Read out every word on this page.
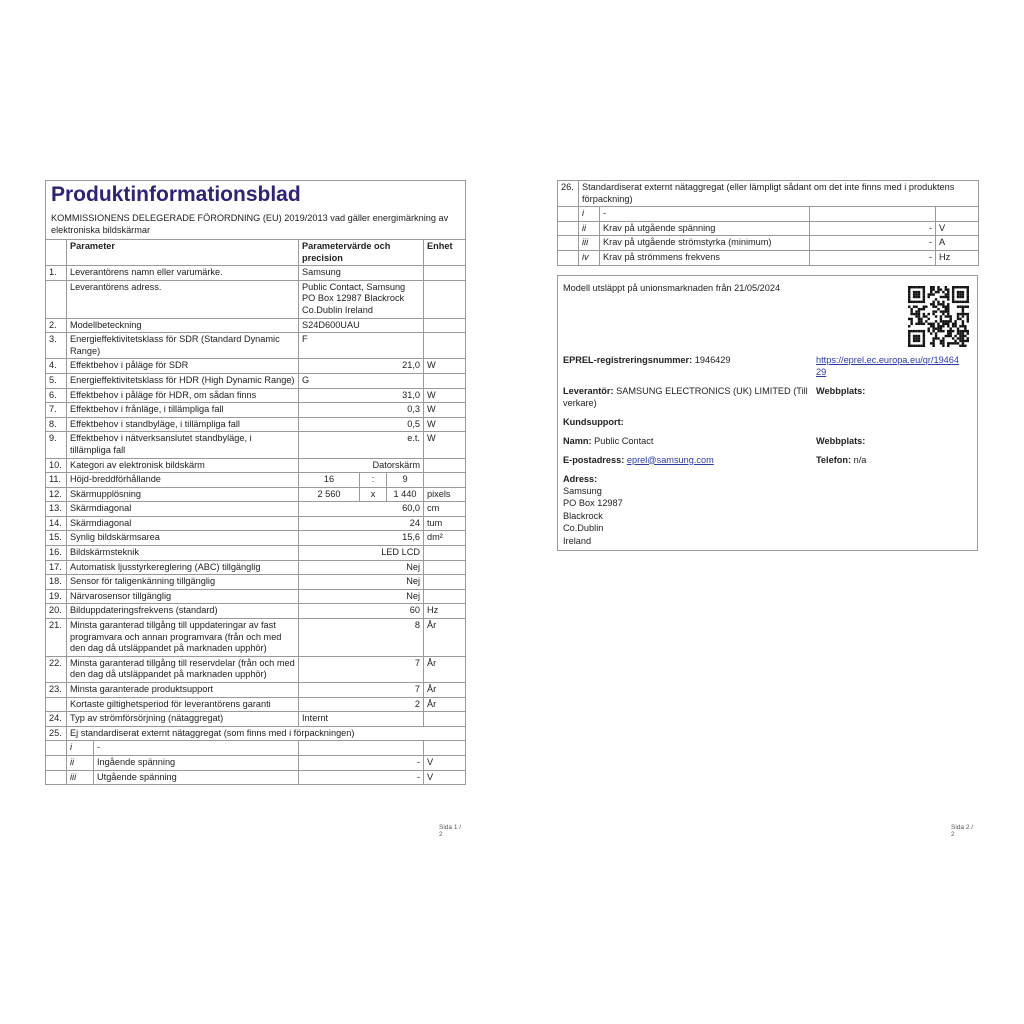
Produktinformationsblad
KOMMISSIONENS DELEGERADE FÖRORDNING (EU) 2019/2013 vad gäller energimärkning av elektroniska bildskärmar
	Parameter	Parametervärde och precision			Enhet
1.	Leverantörens namn eller varumärke.	Samsung			
	Leverantörens adress.	Public Contact, Samsung PO Box 12987 Blackrock Co.Dublin Ireland			
2.	Modellbeteckning	S24D600UAU			
3.	Energieffektivitetsklass för SDR (Standard Dynamic Range)	F			
4.	Effektbehov i påläge för SDR	21,0			W
5.	Energieffektivitetsklass för HDR (High Dynamic Range)	G			
6.	Effektbehov i påläge för HDR, om sådan finns	31,0			W
7.	Effektbehov i frånläge, i tillämpliga fall	0,3			W
8.	Effektbehov i standbyläge, i tillämpliga fall	0,5			W
9.	Effektbehov i nätverksanslutet standbyläge, i tillämpliga fall	e.t.			W
10.	Kategori av elektronisk bildskärm	Datorskärm			
11.	Höjd-breddförhållande	16	:	9	
12.	Skärmupplösning	2 560	x	1 440	pixels
13.	Skärmdiagonal	60,0			cm
14.	Skärmdiagonal	24			tum
15.	Synlig bildskärmsarea	15,6			dm²
16.	Bildskärmsteknik	LED LCD			
17.	Automatisk ljusstyrkereglering (ABC) tillgänglig	Nej			
18.	Sensor för taligenkänning tillgänglig	Nej			
19.	Närvarosensor tillgänglig	Nej			
20.	Bilduppdateringsfrekvens (standard)	60			Hz
21.	Minsta garanterad tillgång till uppdateringar av fast programvara och annan programvara (från och med den dag då utsläppandet på marknaden upphör)	8			År
22.	Minsta garanterad tillgång till reservdelar (från och med den dag då utsläppandet på marknaden upphör)	7			År
23.	Minsta garanterade produktsupport	7			År
	Kortaste giltighetsperiod för leverantörens garanti	2			År
24.	Typ av strömförsörjning (nätaggregat)	Internt			
25.	Ej standardiserat externt nätaggregat (som finns med i förpackningen)				

	i -				

	ii Ingående spänning	-			V

	iii Utgående spänning	-			V
Sida 1 / 2
26.	Standardiserat externt nätaggregat (eller lämpligt sådant om det inte finns med i produktens förpackning)			
	i	-		
	ii	Krav på utgående spänning	-	V
	iii	Krav på utgående strömstyrka (minimum)	-	A
	iv	Krav på strömmens frekvens	-	Hz
Modell utsläppt på unionsmarknaden från 21/05/2024
EPREL-registreringsnummer: 1946429	https://eprel.ec.europa.eu/qr/1946429
Leverantör: SAMSUNG ELECTRONICS (UK) LIMITED (Tillverkare)
Webbplats:
Kundsupport:
Namn: Public Contact	Webbplats:
E-postadress: eprel@samsung.com	Telefon: n/a
Adress:
Samsung
PO Box 12987
Blackrock
Co.Dublin
Ireland
Sida 2 / 2
